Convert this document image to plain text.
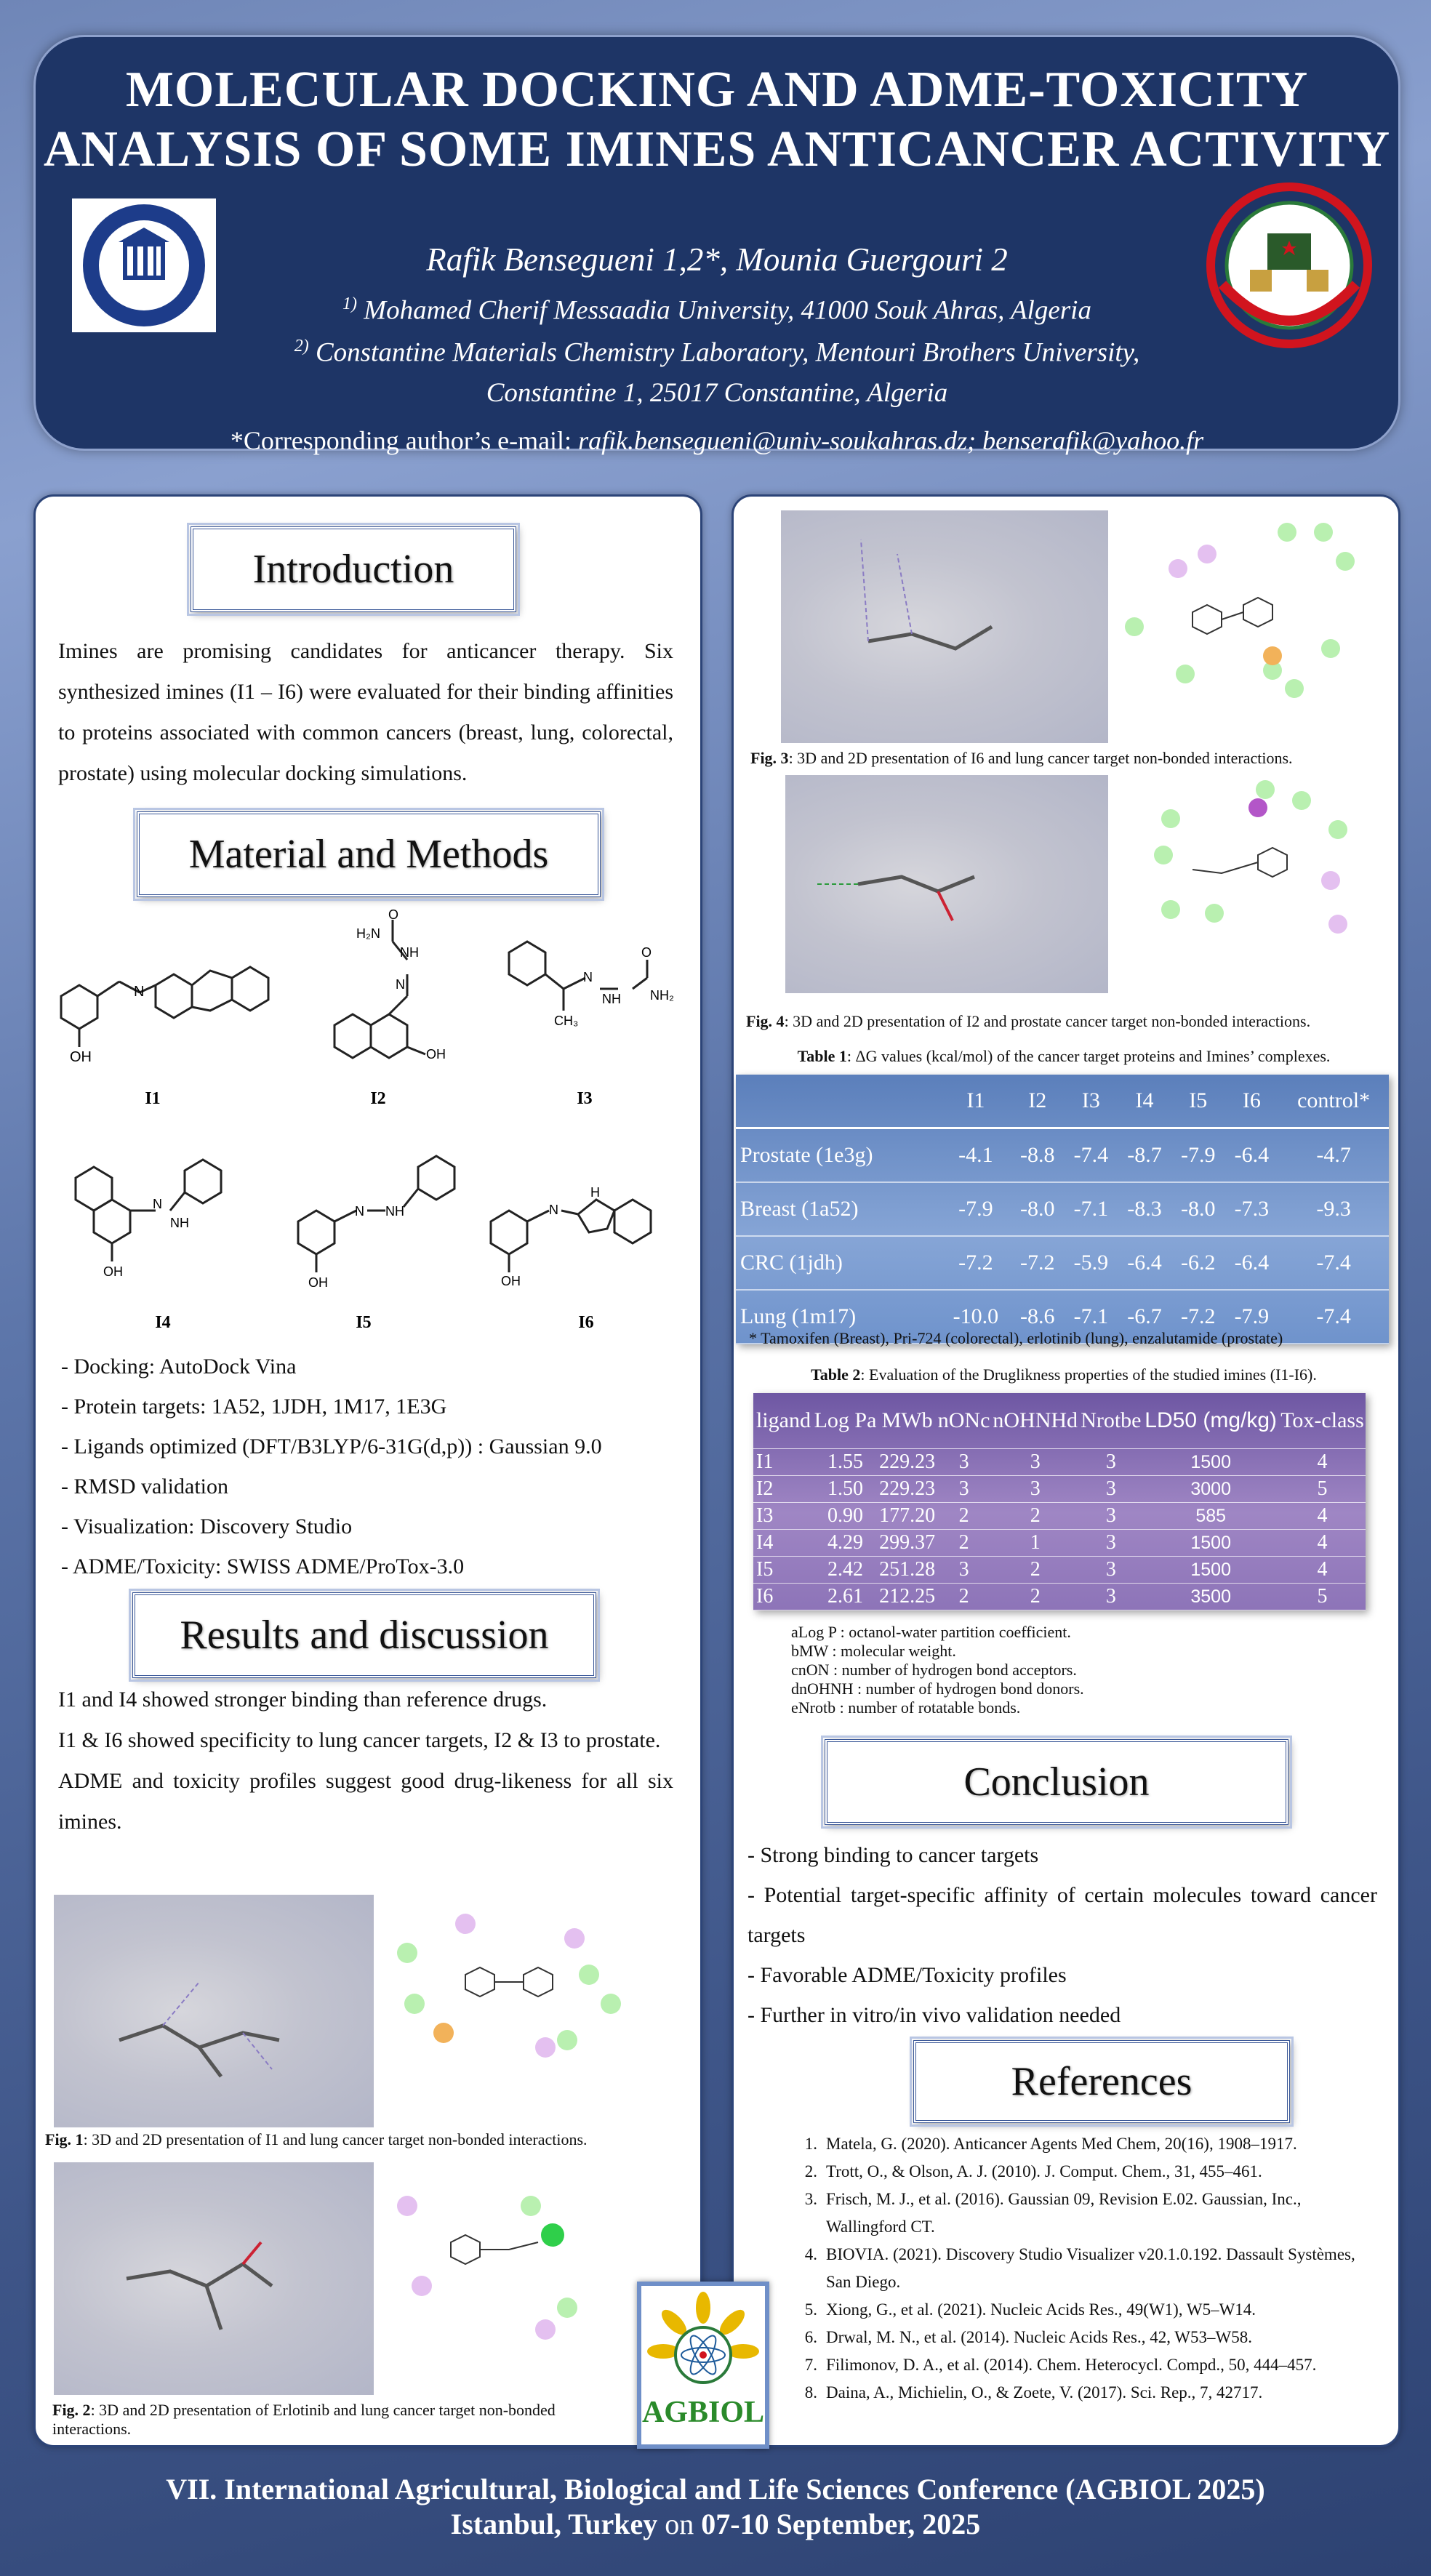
MOLECULAR DOCKING AND ADME-TOXICITY
ANALYSIS OF SOME IMINES ANTICANCER ACTIVITY
Rafik Bensegueni 1,2*, Mounia Guergouri 2
$^{1)}$ Mohamed Cherif Messaadia University, 41000 Souk Ahras, Algeria
$^{2)}$ Constantine Materials Chemistry Laboratory, Mentouri Brothers University,
Constantine 1, 25017 Constantine, Algeria
*Corresponding author’s e-mail: rafik.bensegueni@univ-soukahras.dz; benserafik@yahoo.fr
Introduction
Imines are promising candidates for anticancer therapy. Six synthesized imines (I1 – I6) were evaluated for their binding affinities to proteins associated with common cancers (breast, lung, colorectal, prostate) using molecular docking simulations.
Material and Methods
N
OH
I1
H₂N
NH
N
OH
O
I2
N
NH
O
NH₂
CH₃
I3
N
NH
OH
I4
N NH
OH
I5
N
H
OH
I6
- Docking: AutoDock Vina
- Protein targets: 1A52, 1JDH, 1M17, 1E3G
- Ligands optimized (DFT/B3LYP/6-31G(d,p)) : Gaussian 9.0
- RMSD validation
- Visualization: Discovery Studio
- ADME/Toxicity: SWISS ADME/ProTox-3.0
Results and discussion
I1 and I4 showed stronger binding than reference drugs.
I1 & I6 showed specificity to lung cancer targets, I2 & I3 to prostate.
ADME and toxicity profiles suggest good drug-likeness for all six imines.
Fig. 1: 3D and 2D presentation of I1 and lung cancer target non-bonded interactions.
Fig. 2: 3D and 2D presentation of Erlotinib and lung cancer target non-bonded interactions.
Fig. 3: 3D and 2D presentation of I6 and lung cancer target non-bonded interactions.
Fig. 4: 3D and 2D presentation of I2 and prostate cancer target non-bonded interactions.
Table 1: ΔG values (kcal/mol) of the cancer target proteins and Imines’ complexes.
	I1	I2	I3	I4	I5	I6	control*
Prostate (1e3g)	-4.1	-8.8	-7.4	-8.7	-7.9	-6.4	-4.7
Breast (1a52)	-7.9	-8.0	-7.1	-8.3	-8.0	-7.3	-9.3
CRC (1jdh)	-7.2	-7.2	-5.9	-6.4	-6.2	-6.4	-7.4
Lung (1m17)	-10.0	-8.6	-7.1	-6.7	-7.2	-7.9	-7.4
* Tamoxifen (Breast), Pri-724 (colorectal), erlotinib (lung), enzalutamide (prostate)
Table 2: Evaluation of the Druglikness properties of the studied imines (I1-I6).
ligand	Log Pa	MWb	nONc	nOHNHd	Nrotbe	LD50 (mg/kg)	Tox-class
I1	1.55	229.23	3	3	3	1500	4
I2	1.50	229.23	3	3	3	3000	5
I3	0.90	177.20	2	2	3	585	4
I4	4.29	299.37	2	1	3	1500	4
I5	2.42	251.28	3	2	3	1500	4
I6	2.61	212.25	2	2	3	3500	5
aLog P : octanol-water partition coefficient.
bMW : molecular weight.
cnON : number of hydrogen bond acceptors.
dnOHNH : number of hydrogen bond donors.
eNrotb : number of rotatable bonds.
Conclusion
- Strong binding to cancer targets
- Potential target-specific affinity of certain molecules toward cancer targets
- Favorable ADME/Toxicity profiles
- Further in vitro/in vivo validation needed
References
1. Matela, G. (2020). Anticancer Agents Med Chem, 20(16), 1908–1917.
2. Trott, O., & Olson, A. J. (2010). J. Comput. Chem., 31, 455–461.
3. Frisch, M. J., et al. (2016). Gaussian 09, Revision E.02. Gaussian, Inc., Wallingford CT.
4. BIOVIA. (2021). Discovery Studio Visualizer v20.1.0.192. Dassault Systèmes, San Diego.
5. Xiong, G., et al. (2021). Nucleic Acids Res., 49(W1), W5–W14.
6. Drwal, M. N., et al. (2014). Nucleic Acids Res., 42, W53–W58.
7. Filimonov, D. A., et al. (2014). Chem. Heterocycl. Compd., 50, 444–457.
8. Daina, A., Michielin, O., & Zoete, V. (2017). Sci. Rep., 7, 42717.
AGBIOL
VII. International Agricultural, Biological and Life Sciences Conference (AGBIOL 2025)
Istanbul, Turkey on 07-10 September, 2025
